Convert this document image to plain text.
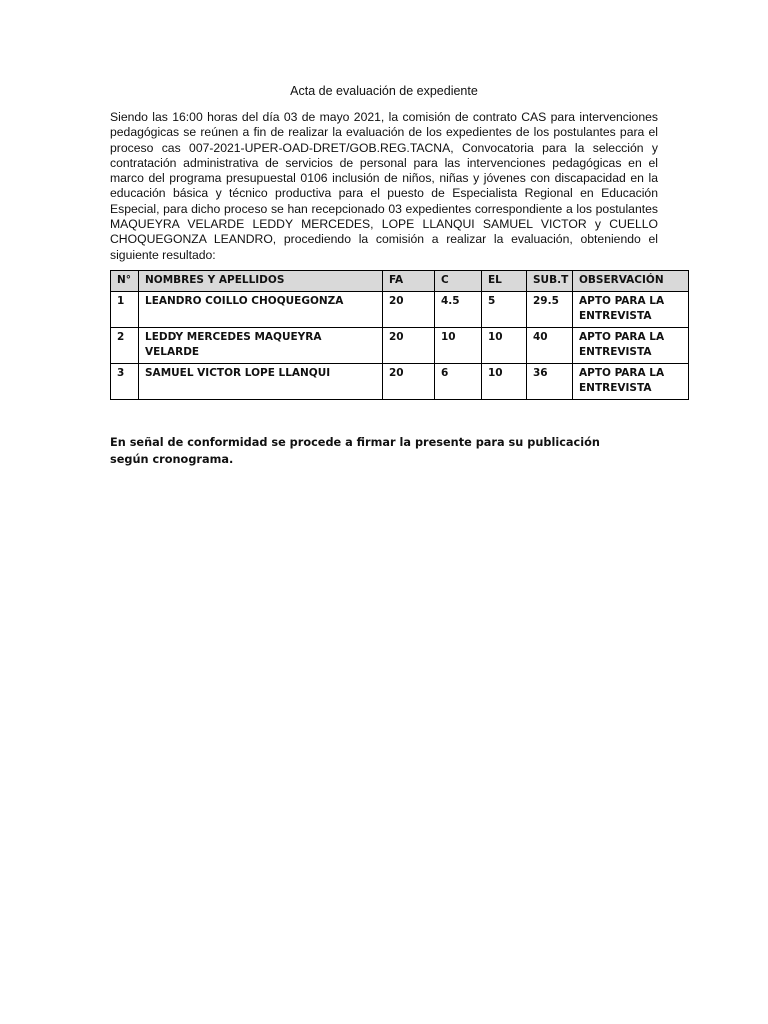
Acta de evaluación de expediente

Siendo las 16:00 horas del día 03 de mayo 2021, la comisión de contrato CAS para intervenciones pedagógicas se reúnen a fin de realizar la evaluación de los expedientes de los postulantes para el proceso cas 007-2021-UPER-OAD-DRET/GOB.REG.TACNA, Convocatoria para la selección y contratación administrativa de servicios de personal para las intervenciones pedagógicas en el marco del programa presupuestal 0106 inclusión de niños, niñas y jóvenes con discapacidad en la educación básica y técnico productiva para el puesto de Especialista Regional en Educación Especial, para dicho proceso se han recepcionado 03 expedientes correspondiente a los postulantes MAQUEYRA VELARDE LEDDY MERCEDES, LOPE LLANQUI SAMUEL VICTOR y CUELLO CHOQUEGONZA LEANDRO, procediendo la comisión a realizar la evaluación, obteniendo el siguiente resultado:

N°	NOMBRES Y APELLIDOS	FA	C	EL	SUB.T	OBSERVACIÓN
1	LEANDRO COILLO CHOQUEGONZA	20	4.5	5	29.5	APTO PARA LA ENTREVISTA
2	LEDDY MERCEDES MAQUEYRA VELARDE	20	10	10	40	APTO PARA LA ENTREVISTA
3	SAMUEL VICTOR LOPE LLANQUI	20	6	10	36	APTO PARA LA ENTREVISTA

En señal de conformidad se procede a firmar la presente para su publicación según cronograma.
